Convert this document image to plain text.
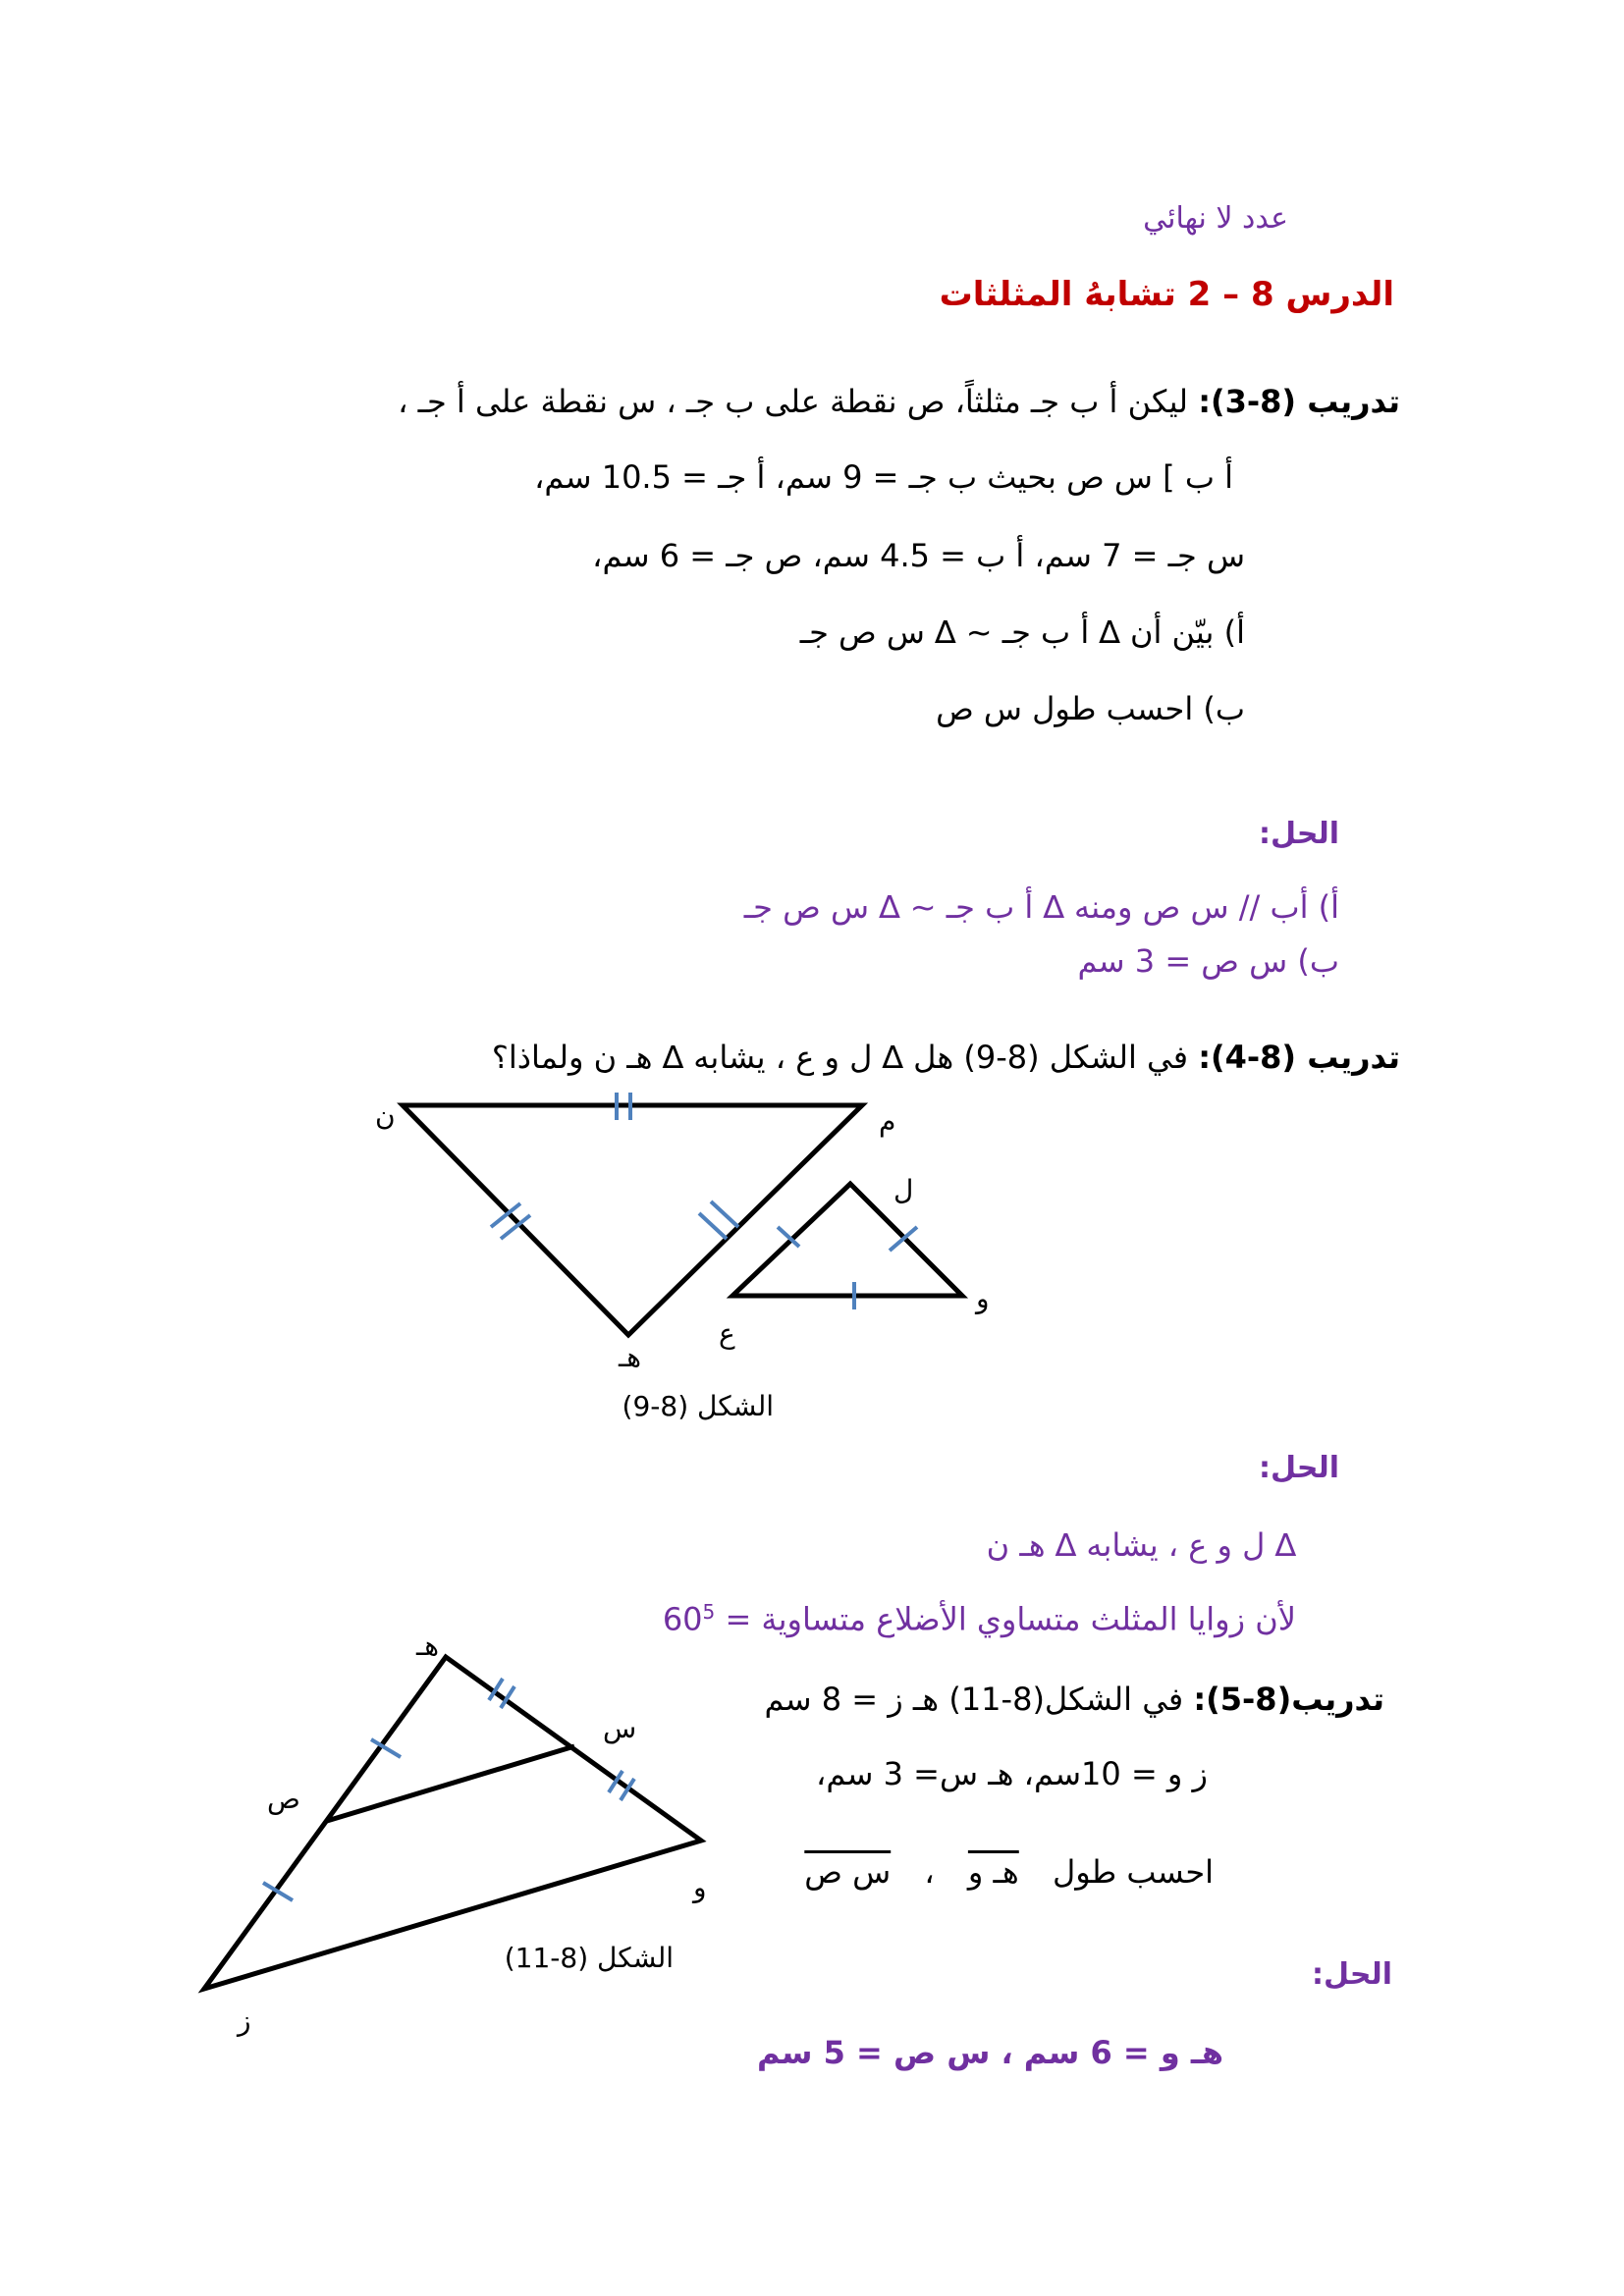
عدد لا نهائي
الدرس 8 – 2 تشابهُ المثلثات
تدريب (8-3): ليكن أ ب جـ مثلثاً، ص نقطة على ب جـ ، س نقطة على أ جـ ،
أ ب ] س ص بحيث ب جـ = 9 سم، أ جـ = 10.5 سم،
س جـ = 7 سم، أ ب = 4.5 سم، ص جـ = 6 سم،
أ) بيّن أن ∆ أ ب جـ ~ ∆ س ص جـ
ب) احسب طول س ص
الحل:
أ) أب // س ص ومنه ∆ أ ب جـ ~ ∆ س ص جـ
ب) س ص = 3 سم
تدريب (8-4): في الشكل (8-9) هل ∆ ل و ع ، يشابه ∆ هـ ن ولماذا؟
ن	م
هـ
ل
و
ع
هـ
س
ص
و
ز
الشكل (8-9)
الحل:
∆ ل و ع ، يشابه ∆ هـ ن
لأن زوايا المثلث متساوي الأضلاع متساوية = $60^5$
تدريب(8-5): في الشكل(8-11) هـ ز = 8 سم
ز و = 10سم، هـ س= 3 سم،
احسب طول هـ و ، س ص
الشكل (8-11)	الحل:
هـ و = 6 سم ، س ص = 5 سم
